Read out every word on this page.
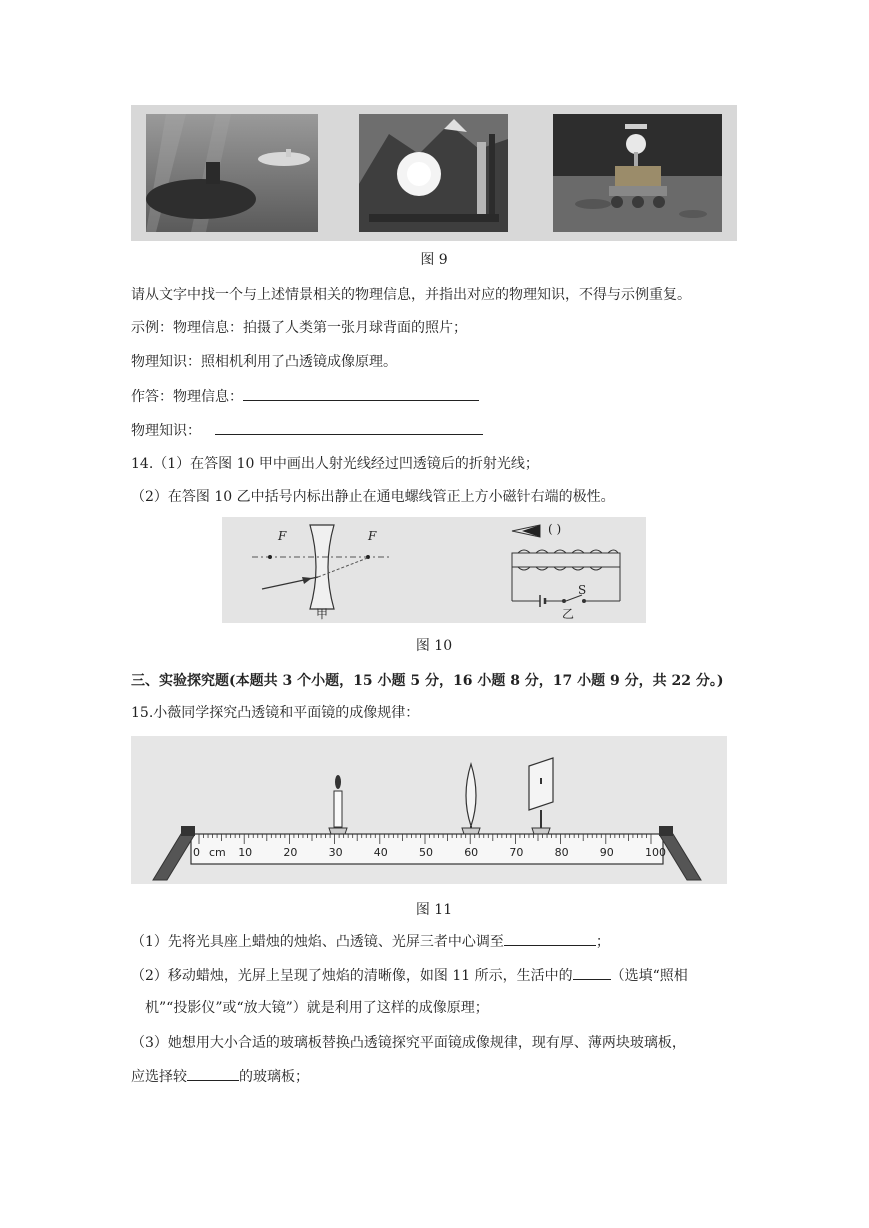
图 9
请从文字中找一个与上述情景相关的物理信息，并指出对应的物理知识，不得与示例重复。
示例：物理信息：拍摄了人类第一张月球背面的照片；
物理知识：照相机利用了凸透镜成像原理。
作答：物理信息：
物理知识：
14.（1）在答图 10 甲中画出人射光线经过凹透镜后的折射光线；
（2）在答图 10 乙中括号内标出静止在通电螺线管正上方小磁针右端的极性。
F	F
甲	乙
S
( )
图 10
三、实验探究题(本题共 3 个小题，15 小题 5 分，16 小题 8 分，17 小题 9 分，共 22 分。)
15.小薇同学探究凸透镜和平面镜的成像规律：
0	10	20	30	40	50	60	70	80	90	100
cm
图 11
（1）先将光具座上蜡烛的烛焰、凸透镜、光屏三者中心调至	；
（2）移动蜡烛，光屏上呈现了烛焰的清晰像，如图 11 所示，生活中的	（选填“照相
机”“投影仪”或“放大镜”）就是利用了这样的成像原理；
（3）她想用大小合适的玻璃板替换凸透镜探究平面镜成像规律，现有厚、薄两块玻璃板，
应选择较	的玻璃板；
